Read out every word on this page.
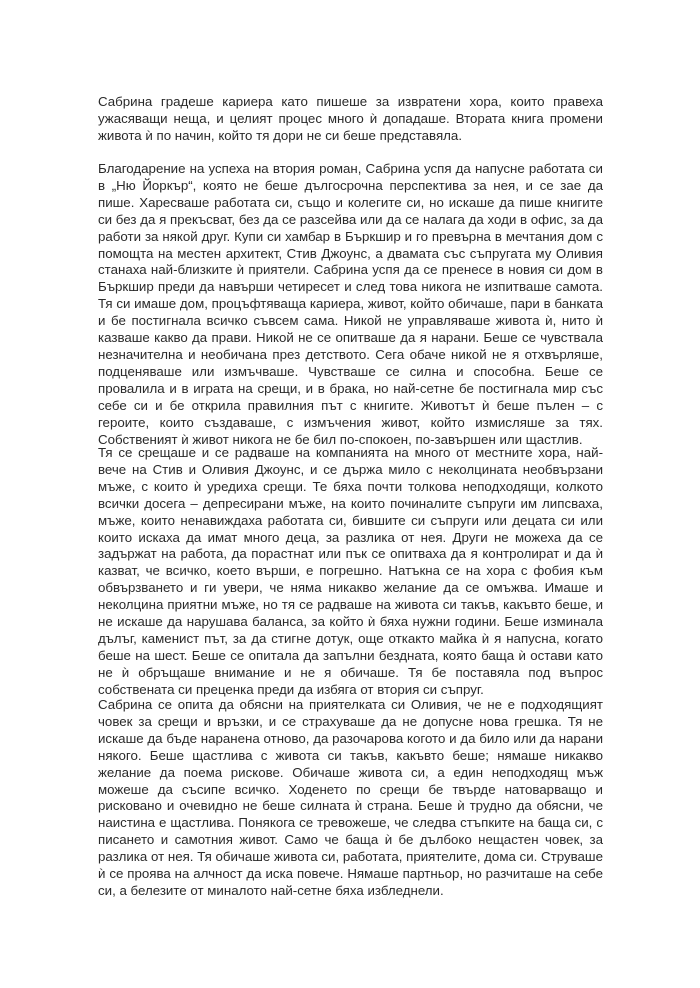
Сабрина градеше кариера като пишеше за извратени хора, които правеха ужасяващи неща, и целият процес много ѝ допадаше. Втората книга промени живота ѝ по начин, който тя дори не си беше представяла.

Благодарение на успеха на втория роман, Сабрина успя да напусне работата си в „Ню Йоркър“, която не беше дългосрочна перспектива за нея, и се зае да пише. Харесваше работата си, също и колегите си, но искаше да пише книгите си без да я прекъсват, без да се разсейва или да се налага да ходи в офис, за да работи за някой друг. Купи си хамбар в Бъркшир и го превърна в мечтания дом с помощта на местен архитект, Стив Джоунс, а двамата със съпругата му Оливия станаха най-близките ѝ приятели. Сабрина успя да се пренесе в новия си дом в Бъркшир преди да навърши четиресет и след това никога не изпитваше самота. Тя си имаше дом, процъфтяваща кариера, живот, който обичаше, пари в банката и бе постигнала всичко съвсем сама. Никой не управляваше живота ѝ, нито ѝ казваше какво да прави. Никой не се опитваше да я нарани. Беше се чувствала незначителна и необичана през детството. Сега обаче никой не я отхвърляше, подценяваше или измъчваше. Чувстваше се силна и способна. Беше се провалила и в играта на срещи, и в брака, но най-сетне бе постигнала мир със себе си и бе открила правилния път с книгите. Животът ѝ беше пълен – с героите, които създаваше, с измъчения живот, който измисляше за тях. Собственият ѝ живот никога не бе бил по-спокоен, по-завършен или щастлив.

Тя се срещаше и се радваше на компанията на много от местните хора, най-вече на Стив и Оливия Джоунс, и се държа мило с неколцината необвързани мъже, с които ѝ уредиха срещи. Те бяха почти толкова неподходящи, колкото всички досега – депресирани мъже, на които починалите съпруги им липсваха, мъже, които ненавиждаха работата си, бившите си съпруги или децата си или които искаха да имат много деца, за разлика от нея. Други не можеха да се задържат на работа, да порастнат или пък се опитваха да я контролират и да ѝ казват, че всичко, което върши, е погрешно. Натъкна се на хора с фобия към обвързването и ги увери, че няма никакво желание да се омъжва. Имаше и неколцина приятни мъже, но тя се радваше на живота си такъв, какъвто беше, и не искаше да нарушава баланса, за който ѝ бяха нужни години. Беше изминала дълъг, каменист път, за да стигне дотук, още откакто майка ѝ я напусна, когато беше на шест. Беше се опитала да запълни бездната, която баща ѝ остави като не ѝ обръщаше внимание и не я обичаше. Тя бе поставяла под въпрос собствената си преценка преди да избяга от втория си съпруг.

Сабрина се опита да обясни на приятелката си Оливия, че не е подходящият човек за срещи и връзки, и се страхуваше да не допусне нова грешка. Тя не искаше да бъде наранена отново, да разочарова когото и да било или да нарани някого. Беше щастлива с живота си такъв, какъвто беше; нямаше никакво желание да поема рискове. Обичаше живота си, а един неподходящ мъж можеше да съсипе всичко. Ходенето по срещи бе твърде натоварващо и рисковано и очевидно не беше силната ѝ страна. Беше ѝ трудно да обясни, че наистина е щастлива. Понякога се тревожеше, че следва стъпките на баща си, с писането и самотния живот. Само че баща ѝ бе дълбоко нещастен човек, за разлика от нея. Тя обичаше живота си, работата, приятелите, дома си. Струваше ѝ се проява на алчност да иска повече. Нямаше партньор, но разчиташе на себе си, а белезите от миналото най-сетне бяха избледнели.
